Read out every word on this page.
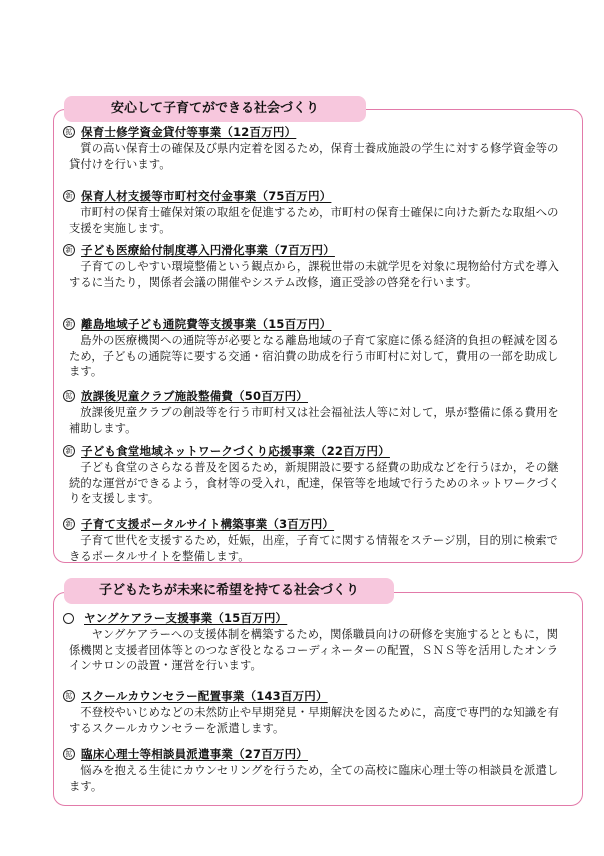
安心して子育てができる社会づくり
拡 保育士修学資金貸付等事業（12百万円）
質の高い保育士の確保及び県内定着を図るため，保育士養成施設の学生に対する修学資金等の貸付けを行います。
新 保育人材支援等市町村交付金事業（75百万円）
市町村の保育士確保対策の取組を促進するため，市町村の保育士確保に向けた新たな取組への支援を実施します。
新 子ども医療給付制度導入円滑化事業（7百万円）
子育てのしやすい環境整備という観点から，課税世帯の未就学児を対象に現物給付方式を導入するに当たり，関係者会議の開催やシステム改修，適正受診の啓発を行います。
新 離島地域子ども通院費等支援事業（15百万円）
島外の医療機関への通院等が必要となる離島地域の子育て家庭に係る経済的負担の軽減を図るため，子どもの通院等に要する交通・宿泊費の助成を行う市町村に対して，費用の一部を助成します。
拡 放課後児童クラブ施設整備費（50百万円）
放課後児童クラブの創設等を行う市町村又は社会福祉法人等に対して，県が整備に係る費用を補助します。
新 子ども食堂地域ネットワークづくり応援事業（22百万円）
子ども食堂のさらなる普及を図るため，新規開設に要する経費の助成などを行うほか，その継続的な運営ができるよう，食材等の受入れ，配達，保管等を地域で行うためのネットワークづくりを支援します。
新 子育て支援ポータルサイト構築事業（3百万円）
子育て世代を支援するため，妊娠，出産，子育てに関する情報をステージ別，目的別に検索できるポータルサイトを整備します。
子どもたちが未来に希望を持てる社会づくり
ヤングケアラー支援事業（15百万円）
ヤングケアラーへの支援体制を構築するため，関係職員向けの研修を実施するとともに，関係機関と支援者団体等とのつなぎ役となるコーディネーターの配置，ＳＮＳ等を活用したオンラインサロンの設置・運営を行います。
拡 スクールカウンセラー配置事業（143百万円）
不登校やいじめなどの未然防止や早期発見・早期解決を図るために，高度で専門的な知識を有するスクールカウンセラーを派遣します。
拡 臨床心理士等相談員派遣事業（27百万円）
悩みを抱える生徒にカウンセリングを行うため，全ての高校に臨床心理士等の相談員を派遣します。
